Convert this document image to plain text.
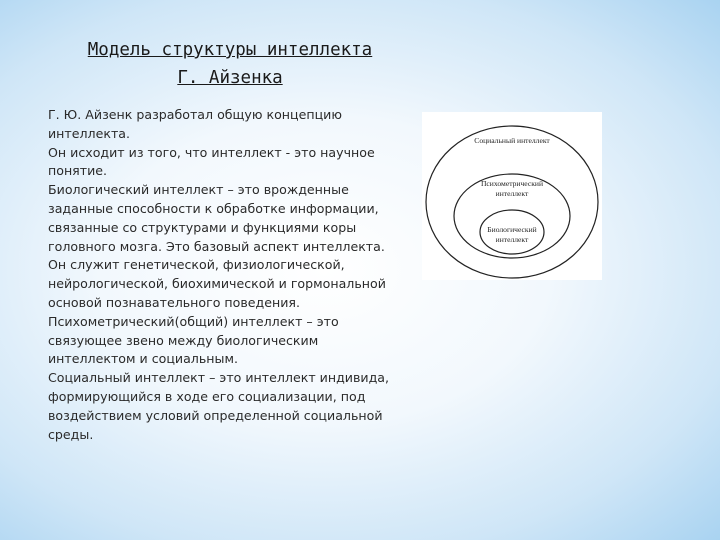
Модель структуры интеллекта
Г. Айзенка

Г. Ю. Айзенк разработал общую концепцию интеллекта.

Он исходит из того, что интеллект - это научное понятие.

Биологический интеллект – это врожденные заданные способности к обработке информации, связанные со структурами и функциями коры головного мозга. Это базовый аспект интеллекта. Он служит генетической, физиологической, нейрологической, биохимической и гормональной основой познавательного поведения.

Психометрический(общий) интеллект – это связующее звено между биологическим интеллектом и социальным.

Социальный интеллект – это интеллект индивида, формирующийся в ходе его социализации, под воздействием условий определенной социальной среды.

Социальный интеллект
Психометрический
интеллект
Биологический
интеллект
